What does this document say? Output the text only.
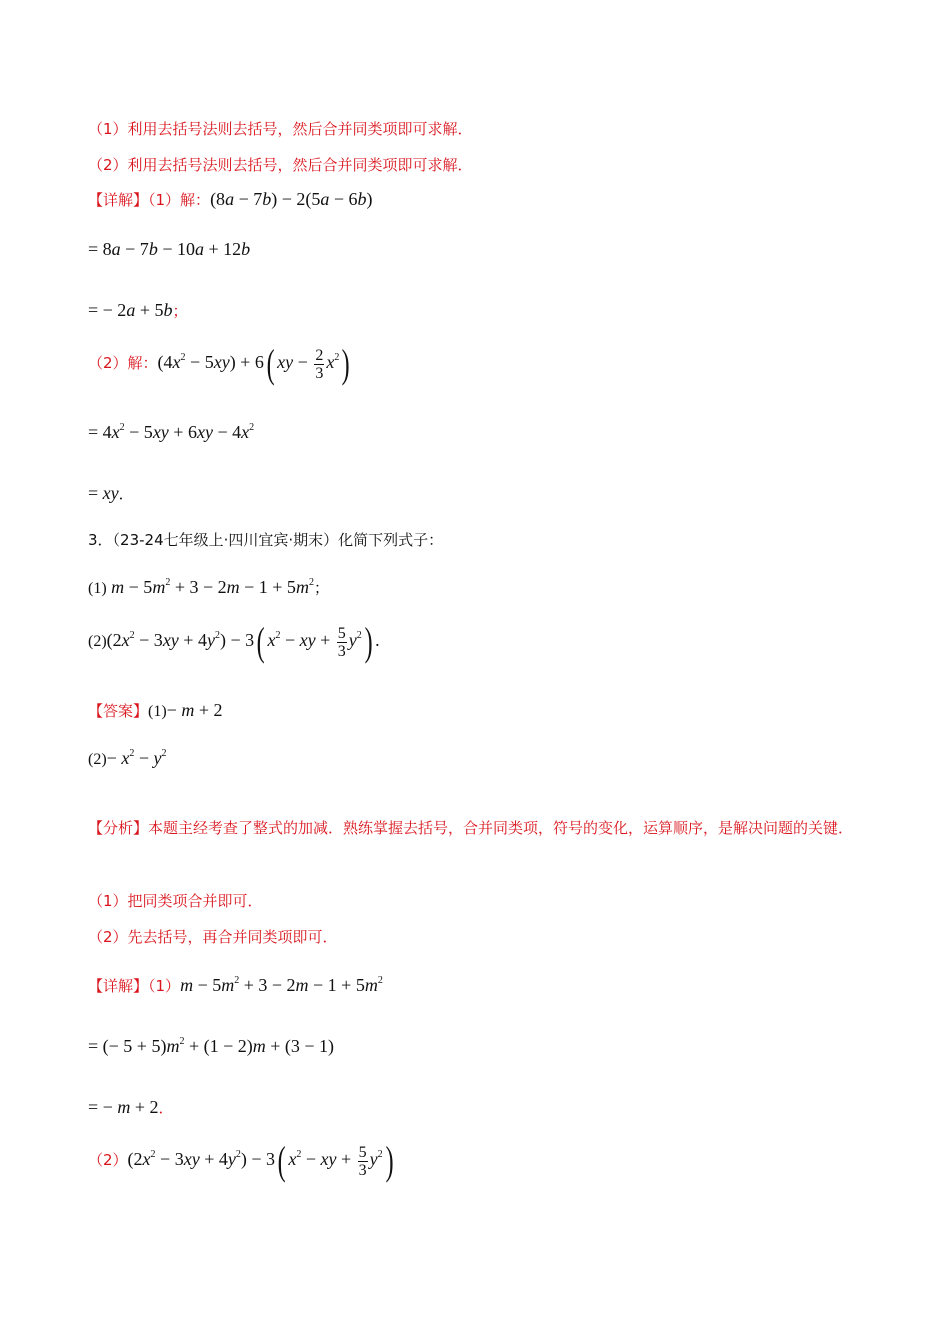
（1）利用去括号法则去括号，然后合并同类项即可求解．
（2）利用去括号法则去括号，然后合并同类项即可求解．
【详解】（1）解：(8a − 7b) − 2(5a − 6b)
= 8a − 7b − 10a + 12b
= − 2a + 5b；
（2）解：$(4x^2 - 5xy) + 6$( xy − $\frac{2}{3} x^2$)
= $4x^2 - 5xy + 6xy - 4x^2$
= xy．
3．（23-24七年级上·四川宜宾·期末）化简下列式子：
(1) $m - 5m^2 + 3 - 2m - 1 + 5m^2$；
$(2)(2x^2 - 3xy + 4y^2) - 3$( $x^2$ − xy + $\frac{5}{3} y^2$) .
【答案】(1)− m + 2
$(2)- x^2 - y^2$
【分析】本题主经考查了整式的加减．熟练掌握去括号，合并同类项，符号的变化，运算顺序，是解决问题的关键．
（1）把同类项合并即可．
（2）先去括号，再合并同类项即可．
【详解】$(1)m - 5m^2 + 3 - 2m - 1 + 5m^2$
= (− $5 + 5)m^2 + (1 - 2)m + (3 - 1)$
= − m + 2．
$(2)(2x^2 - 3xy + 4y^2) - 3$( $x^2$ − xy + $\frac{5}{3} y^2$)
